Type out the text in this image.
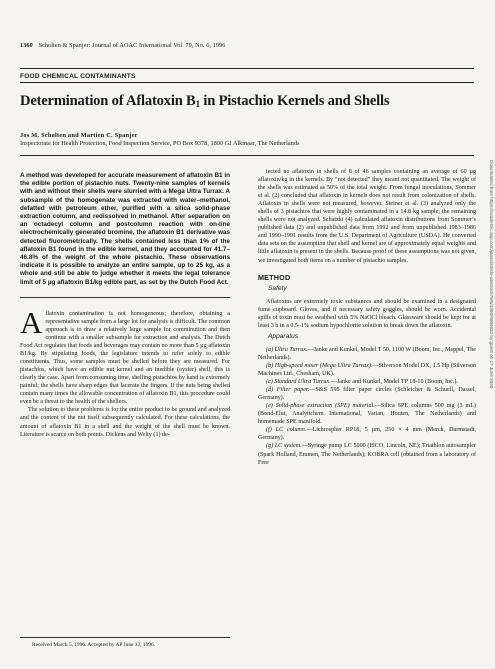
1360 Scholten & Spanjer: Journal of AOAC International Vol. 79, No. 6, 1996
FOOD CHEMICAL CONTAMINANTS
Determination of Aflatoxin $B_1$ in Pistachio Kernels and Shells
Jos M. Scholten and Martien C. Spanjer
Inspectorate for Health Protection, Food Inspection Service, PO Box 9378, 1800 GJ Alkmaar, The Netherlands

A method was developed for accurate measurement of aflatoxin B1 in the edible portion of pistachio nuts. Twenty-nine samples of kernels with and without their shells were slurried with a Mega Ultra Turrax. A subsample of the homogenate was extracted with water–methanol, defatted with petroleum ether, purified with a silica solid-phase extraction column, and redissolved in methanol. After separation on an octadecyl column and postcolumn reaction with on-line electrochemically generated bromine, the aflatoxin B1 derivative was detected fluorometrically. The shells contained less than 1% of the aflatoxin B1 found in the edible kernel, and they accounted for 41.7–46.8% of the weight of the whole pistachio. These observations indicate it is possible to analyze an entire sample, up to 25 kg, as a whole and still be able to judge whether it meets the legal tolerance limit of 5 µg aflatoxin B1/kg edible part, as set by the Dutch Food Act.

Aflatoxin contamination is not homogeneous; therefore, obtaining a representative sample from a large lot for analysis is difficult. The common approach is to draw a relatively large sample for comminution and then continue with a smaller subsample for extraction and analysis. The Dutch Food Act regulates that foods and beverages may contain no more than 5 µg aflatoxin B1/kg. By stipulating foods, the legislature intends to refer solely to edible constituents. Thus, some samples must be shelled before they are measured. For pistachios, which have an edible nut kernel and an inedible (oyster) shell, this is clearly the case. Apart from consuming time, shelling pistachios by hand is extremely painful; the shells have sharp edges that lacerate the fingers. If the nuts being shelled contain many times the allowable concentration of aflatoxin B1, this procedure could even be a threat to the health of the shellers.

The solution to these problems is for the entire product to be ground and analyzed and the content of the nut itself subsequently calculated. For these calculations, the amount of aflatoxin B1 in a shell and the weight of the shell must be known. Literature is scarce on both points. Dickens and Welty (1) de-

Received March 5, 1996. Accepted by AP June 12, 1996.

tected no aflatoxin in shells of 8 of 46 samples containing an average of 60 µg aflatoxin/kg in the kernels. By “not detected” they meant not quantitated. The weight of the shells was estimated as 50% of the total weight. From fungal inoculations, Sommer et al. (2) concluded that aflatoxin in kernels does not result from colonization of shells. Aflatoxin in shells were not measured, however. Steiner et al. (3) analyzed only the shells of 3 pistachios that were highly contaminated in a 14.8 kg sample; the remaining shells were not analyzed. Schatzki (4) calculated aflatoxin distributions from Sommer’s published data (2) and unpublished data from 1992 and from unpublished 1983–1986 and 1990–1991 results from the U.S. Department of Agriculture (USDA). He converted data sets on the assumption that shell and kernel are of approximately equal weights and little aflatoxin is present in the shells. Because proof of these assumptions was not given, we investigated both items on a number of pistachio samples.

METHOD
Safety

Aflatoxins are extremely toxic substances and should be examined in a designated fume cupboard. Gloves, and if necessary safety goggles, should be worn. Accidental spills of toxin must be swabbed with 5% NaOCl bleach. Glassware should be kept for at least 3 h in a 0.5–1% sodium hypochlorite solution to break down the aflatoxin.

Apparatus

(a) Ultra Turrax.—Janke and Kunkel, Model T 50, 1100 W (Boom, Inc., Meppel, The Netherlands).

(b) High-speed mixer (Mega Ultra Turrax).—Silverson Model DX, 1.5 Hp (Silverson Machines Ltd., Chesham, UK).

(c) Standard Ultra Turrax.—Janke and Kunkel, Model TP 18-10 (Boom, Inc.).

(d) Filter paper.—S&S 595 filter paper circles (Schleicher & Schuell, Dassel, Germany).

(e) Solid-phase extraction (SPE) material.—Silica SPE columns 500 mg (3 mL) (Bond-Elut, Analytichem International, Varian, Houten, The Netherlands) and homemade SPE manifold.

(f) LC column.—Lichrospher RP18, 5 µm, 250 × 4 mm (Merck, Darmstadt, Germany).

(g) LC system.—Syringe pump LC 5000 (ISCO, Lincoln, NE); Triathlon autosampler (Spark Holland, Emmen, The Netherlands); KOBRA cell (obtained from a laboratory of Free

Downloaded from https://academic.oup.com/jaoac/article-abstract/79/6/1360/5684632 by guest on 17 June 2020
